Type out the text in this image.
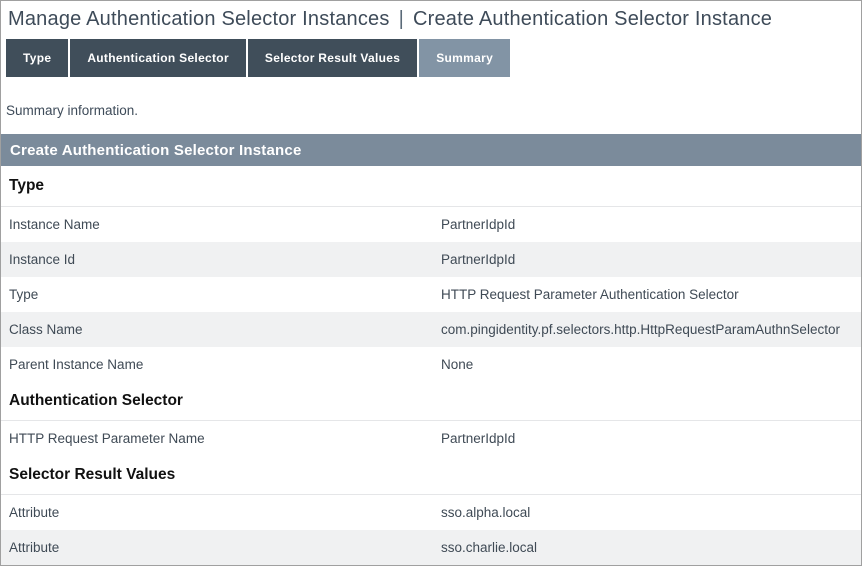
Manage Authentication Selector Instances | Create Authentication Selector Instance
Type	Authentication Selector	Selector Result Values	Summary
Summary information.
Create Authentication Selector Instance
Type
Instance Name	PartnerIdpId
Instance Id	PartnerIdpId
Type	HTTP Request Parameter Authentication Selector
Class Name	com.pingidentity.pf.selectors.http.HttpRequestParamAuthnSelector
Parent Instance Name	None
Authentication Selector
HTTP Request Parameter Name	PartnerIdpId
Selector Result Values
Attribute	sso.alpha.local
Attribute	sso.charlie.local
